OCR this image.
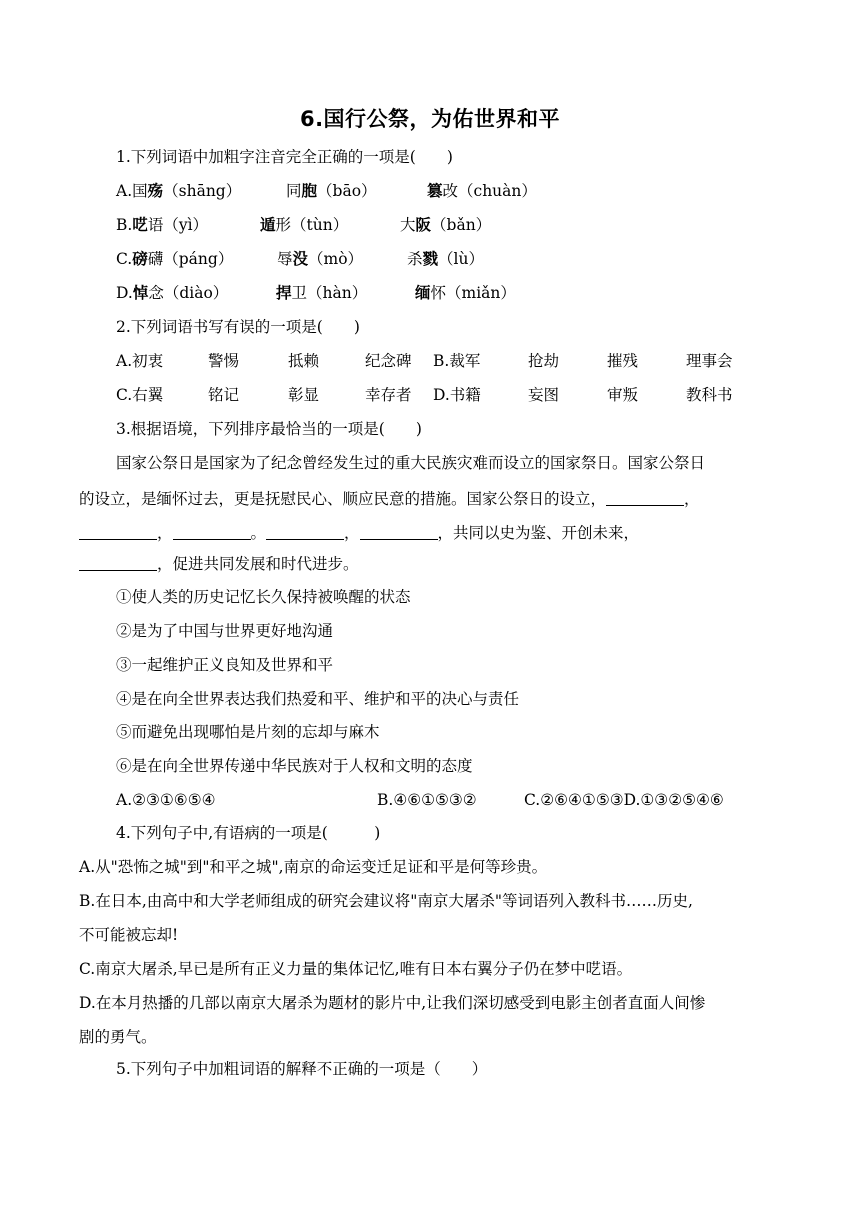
6.国行公祭，为佑世界和平
1.下列词语中加粗字注音完全正确的一项是(　　)
A.国殇（shāng）	同胞（bāo）	篡改（chuàn）
B.呓语（yì）	遁形（tùn）	大阪（bǎn）
C.磅礴（páng）	辱没（mò）	杀戮（lù）
D.悼念（diào）	捍卫（hàn）	缅怀（miǎn）
2.下列词语书写有误的一项是(　　)
A.初衷	警惕	抵赖	纪念碑 B.裁军	抢劫	摧残	理事会
C.右翼	铭记	彰显	幸存者 D.书籍	妄图	审叛	教科书
3.根据语境，下列排序最恰当的一项是(　　)
国家公祭日是国家为了纪念曾经发生过的重大民族灾难而设立的国家祭日。国家公祭日
的设立，是缅怀过去，更是抚慰民心、顺应民意的措施。国家公祭日的设立，	，
，	。	，	，共同以史为鉴、开创未来，
，促进共同发展和时代进步。
①使人类的历史记忆长久保持被唤醒的状态
②是为了中国与世界更好地沟通
③一起维护正义良知及世界和平
④是在向全世界表达我们热爱和平、维护和平的决心与责任
⑤而避免出现哪怕是片刻的忘却与麻木
⑥是在向全世界传递中华民族对于人权和文明的态度
A.②③①⑥⑤④	B.④⑥①⑤③②	C.②⑥④①⑤③D.①③②⑤④⑥
4.下列句子中,有语病的一项是(　　　)
A.从"恐怖之城"到"和平之城",南京的命运变迁足证和平是何等珍贵。
B.在日本,由高中和大学老师组成的研究会建议将"南京大屠杀"等词语列入教科书……历史,
不可能被忘却!
C.南京大屠杀,早已是所有正义力量的集体记忆,唯有日本右翼分子仍在梦中呓语。
D.在本月热播的几部以南京大屠杀为题材的影片中,让我们深切感受到电影主创者直面人间惨
剧的勇气。
5.下列句子中加粗词语的解释不正确的一项是（　　）
